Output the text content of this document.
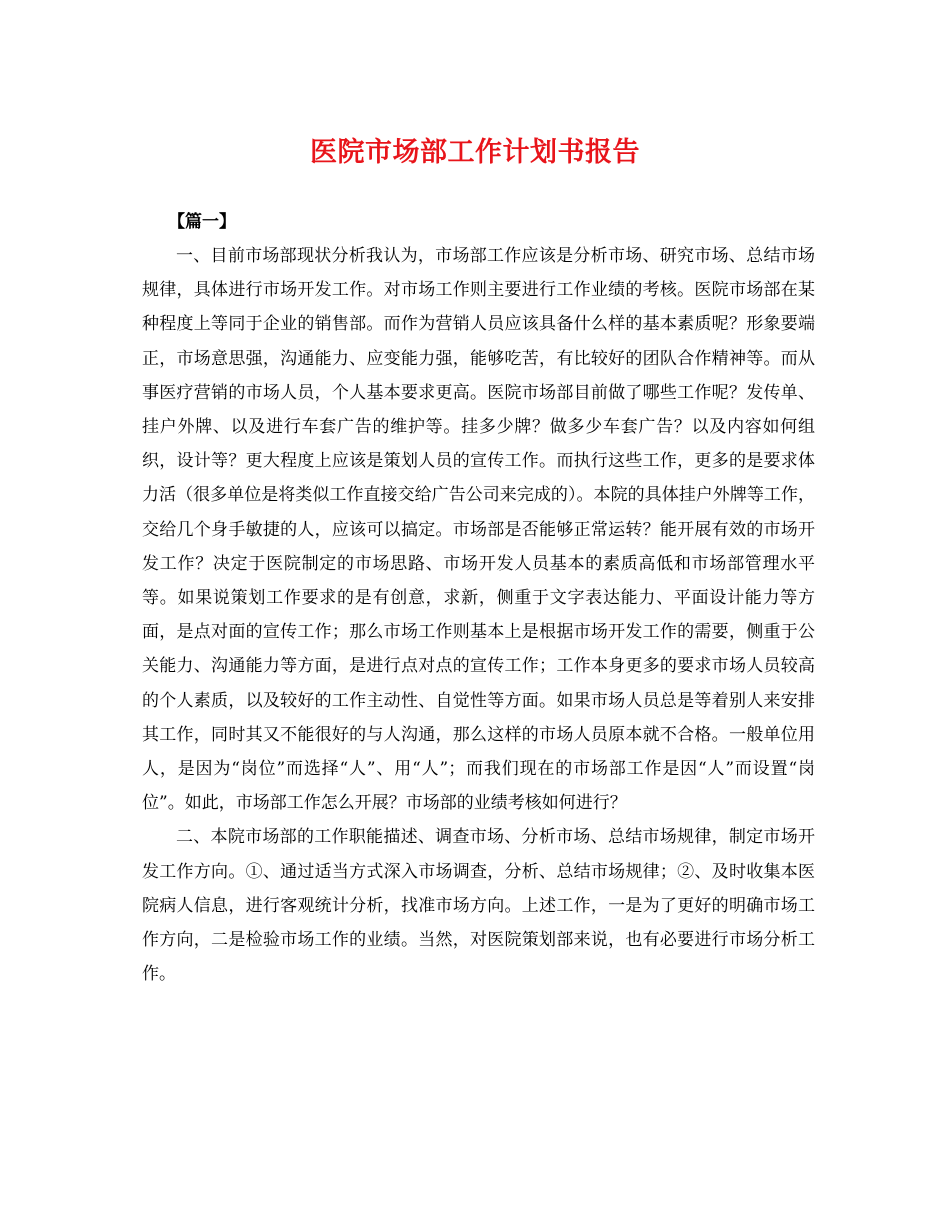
医院市场部工作计划书报告

【篇一】

一、目前市场部现状分析我认为，市场部工作应该是分析市场、研究市场、总结市场规律，具体进行市场开发工作。对市场工作则主要进行工作业绩的考核。医院市场部在某种程度上等同于企业的销售部。而作为营销人员应该具备什么样的基本素质呢？形象要端正，市场意思强，沟通能力、应变能力强，能够吃苦，有比较好的团队合作精神等。而从事医疗营销的市场人员，个人基本要求更高。医院市场部目前做了哪些工作呢？发传单、挂户外牌、以及进行车套广告的维护等。挂多少牌？做多少车套广告？以及内容如何组织，设计等？更大程度上应该是策划人员的宣传工作。而执行这些工作，更多的是要求体力活（很多单位是将类似工作直接交给广告公司来完成的）。本院的具体挂户外牌等工作，交给几个身手敏捷的人，应该可以搞定。市场部是否能够正常运转？能开展有效的市场开发工作？决定于医院制定的市场思路、市场开发人员基本的素质高低和市场部管理水平等。如果说策划工作要求的是有创意，求新，侧重于文字表达能力、平面设计能力等方面，是点对面的宣传工作；那么市场工作则基本上是根据市场开发工作的需要，侧重于公关能力、沟通能力等方面，是进行点对点的宣传工作；工作本身更多的要求市场人员较高的个人素质，以及较好的工作主动性、自觉性等方面。如果市场人员总是等着别人来安排其工作，同时其又不能很好的与人沟通，那么这样的市场人员原本就不合格。一般单位用人，是因为“岗位”而选择“人”、用“人”；而我们现在的市场部工作是因“人”而设置“岗位”。如此，市场部工作怎么开展？市场部的业绩考核如何进行？

二、本院市场部的工作职能描述、调查市场、分析市场、总结市场规律，制定市场开发工作方向。①、通过适当方式深入市场调查，分析、总结市场规律；②、及时收集本医院病人信息，进行客观统计分析，找准市场方向。上述工作，一是为了更好的明确市场工作方向，二是检验市场工作的业绩。当然，对医院策划部来说，也有必要进行市场分析工作。
